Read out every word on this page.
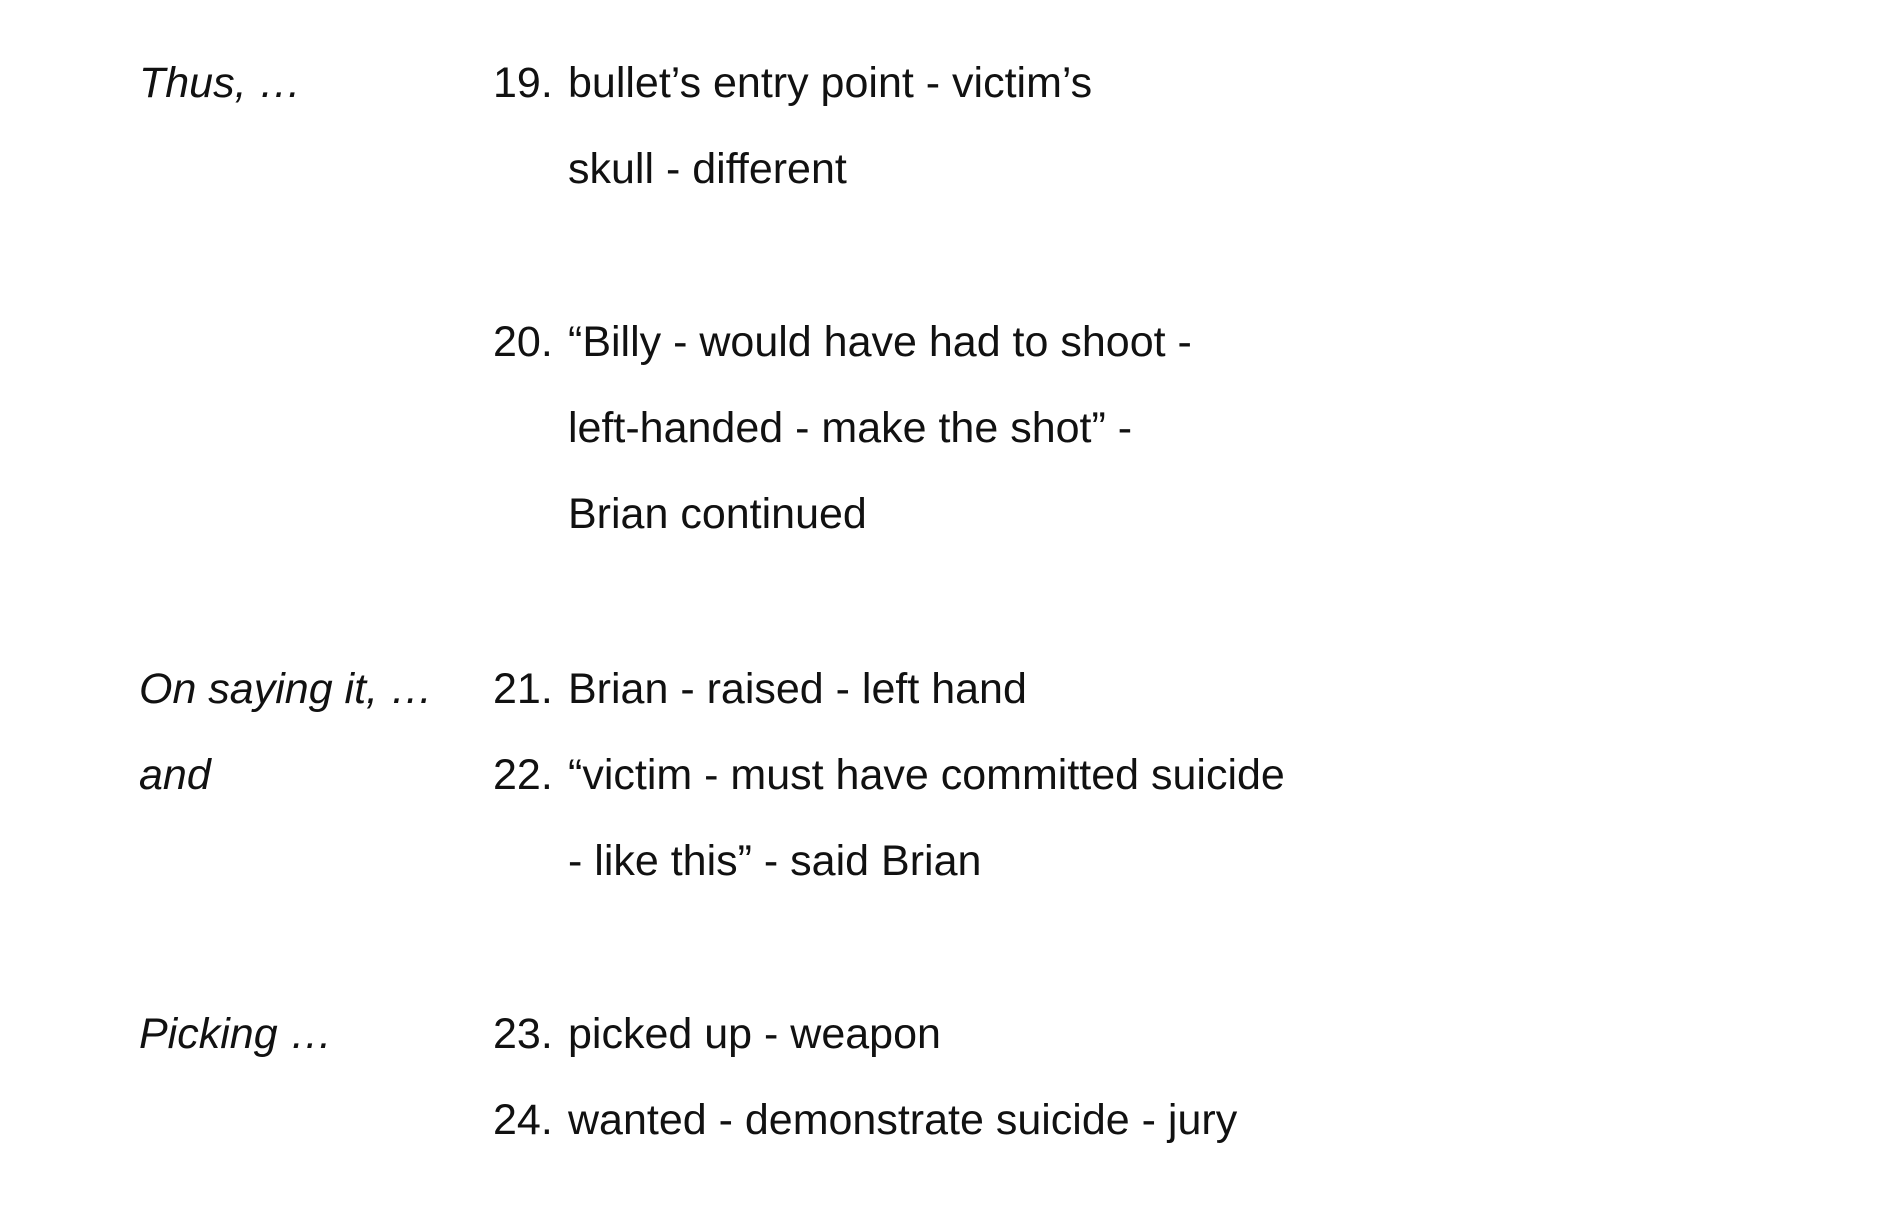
Thus, …	19. bullet’s entry point - victim’s
skull - different
20. “Billy - would have had to shoot -
left-handed - make the shot” -
Brian continued
On saying it, … 21. Brian - raised - left hand
and	22. “victim - must have committed suicide
- like this” - said Brian
Picking …	23. picked up - weapon
24. wanted - demonstrate suicide - jury
